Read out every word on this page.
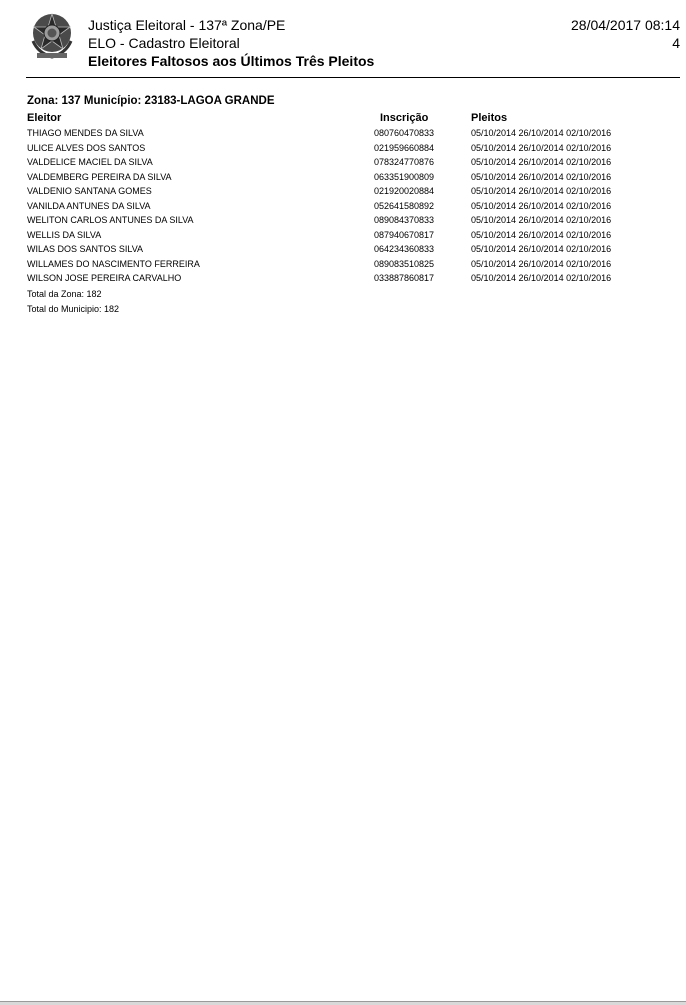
Justiça Eleitoral - 137ª Zona/PE
ELO - Cadastro Eleitoral
Eleitores Faltosos aos Últimos Três Pleitos
28/04/2017 08:14
4
Zona: 137 Município: 23183-LAGOA GRANDE
Eleitor	Inscrição	Pleitos
THIAGO MENDES DA SILVA	080760470833	05/10/2014 26/10/2014 02/10/2016
ULICE ALVES DOS SANTOS	021959660884	05/10/2014 26/10/2014 02/10/2016
VALDELICE MACIEL DA SILVA	078324770876	05/10/2014 26/10/2014 02/10/2016
VALDEMBERG PEREIRA DA SILVA	063351900809	05/10/2014 26/10/2014 02/10/2016
VALDENIO SANTANA GOMES	021920020884	05/10/2014 26/10/2014 02/10/2016
VANILDA ANTUNES DA SILVA	052641580892	05/10/2014 26/10/2014 02/10/2016
WELITON CARLOS ANTUNES DA SILVA	089084370833	05/10/2014 26/10/2014 02/10/2016
WELLIS DA SILVA	087940670817	05/10/2014 26/10/2014 02/10/2016
WILAS DOS SANTOS SILVA	064234360833	05/10/2014 26/10/2014 02/10/2016
WILLAMES DO NASCIMENTO FERREIRA	089083510825	05/10/2014 26/10/2014 02/10/2016
WILSON JOSE PEREIRA CARVALHO	033887860817	05/10/2014 26/10/2014 02/10/2016
Total da Zona: 182
Total do Municipio: 182
